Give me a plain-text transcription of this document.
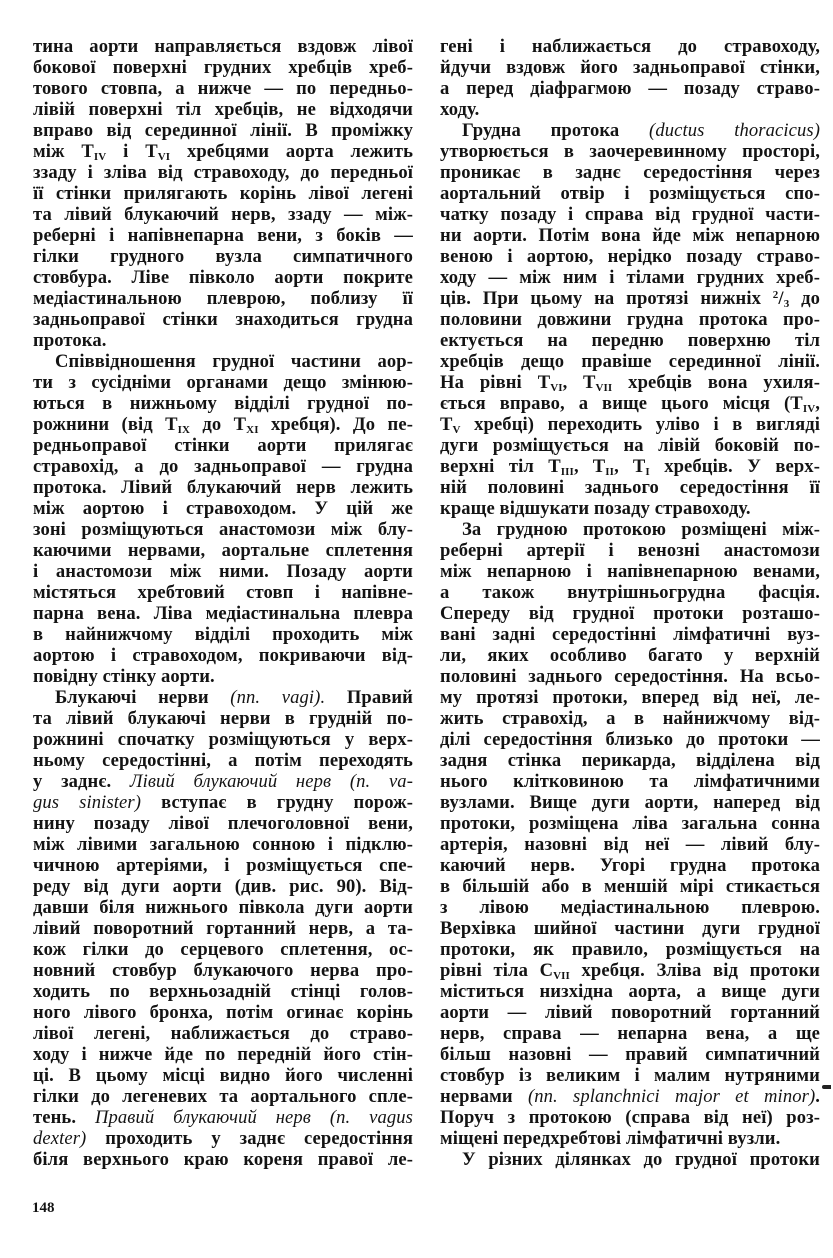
тина аорти направляється вздовж лівої
бокової поверхні грудних хребців хреб-
тового стовпа, а нижче — по передньо-
лівій поверхні тіл хребців, не відходячи
вправо від серединної лінії. В проміжку
між $T_{IV}$ і $T_{VI}$ хребцями аорта лежить
ззаду і зліва від стравоходу, до передньої
її стінки прилягають корінь лівої легені
та лівий блукаючий нерв, ззаду — між-
реберні і напівнепарна вени, з боків —
гілки грудного вузла симпатичного
стовбура. Ліве півколо аорти покрите
медіастинальною плеврою, поблизу її
задньоправої стінки знаходиться грудна
протока.
Співвідношення грудної частини аор-
ти з сусідніми органами дещо змінюю-
ються в нижньому відділі грудної по-
рожнини (від $T_{IX}$ до $T_{XI}$ хребця). До пе-
редньоправої стінки аорти прилягає
стравохід, а до задньоправої — грудна
протока. Лівий блукаючий нерв лежить
між аортою і стравоходом. У цій же
зоні розміщуються анастомози між блу-
каючими нервами, аортальне сплетення
і анастомози між ними. Позаду аорти
містяться хребтовий стовп і напівне-
парна вена. Ліва медіастинальна плевра
в найнижчому відділі проходить між
аортою і стравоходом, покриваючи від-
повідну стінку аорти.
Блукаючі нерви (nn. vagi). Правий
та лівий блукаючі нерви в грудній по-
рожнині спочатку розміщуються у верх-
ньому середостінні, а потім переходять
у заднє. Лівий блукаючий нерв (n. va-
gus sinister) вступає в грудну порож-
нину позаду лівої плечоголовної вени,
між лівими загальною сонною і підклю-
чичною артеріями, і розміщується спе-
реду від дуги аорти (див. рис. 90). Від-
давши біля нижнього півкола дуги аорти
лівий поворотний гортанний нерв, а та-
кож гілки до серцевого сплетення, ос-
новний стовбур блукаючого нерва про-
ходить по верхньозадній стінці голов-
ного лівого бронха, потім огинає корінь
лівої легені, наближається до страво-
ходу і нижче йде по передній його стін-
ці. В цьому місці видно його численні
гілки до легеневих та аортального спле-
тень. Правий блукаючий нерв (n. vagus
dexter) проходить у заднє середостіння
біля верхнього краю кореня правої ле-
гені і наближається до стравоходу,
йдучи вздовж його задньоправої стінки,
а перед діафрагмою — позаду страво-
ходу.
Грудна протока (ductus thoracicus)
утворюється в заочеревинному просторі,
проникає в заднє середостіння через
аортальний отвір і розміщується спо-
чатку позаду і справа від грудної части-
ни аорти. Потім вона йде між непарною
веною і аортою, нерідко позаду страво-
ходу — між ним і тілами грудних хреб-
ців. При цьому на протязі нижніх $^2/_3$ до
половини довжини грудна протока про-
ектується на передню поверхню тіл
хребців дещо правіше серединної лінії.
На рівні $T_{VI}$, $T_{VII}$ хребців вона ухиля-
ється вправо, а вище цього місця ($T_{IV}$,
$T_V$ хребці) переходить уліво і в вигляді
дуги розміщується на лівій боковій по-
верхні тіл $T_{III}$, $T_{II}$, $T_I$ хребців. У верх-
ній половині заднього середостіння її
краще відшукати позаду стравоходу.
За грудною протокою розміщені між-
реберні артерії і венозні анастомози
між непарною і напівнепарною венами,
а також внутрішньогрудна фасція.
Спереду від грудної протоки розташо-
вані задні середостінні лімфатичні вуз-
ли, яких особливо багато у верхній
половині заднього середостіння. На всьо-
му протязі протоки, вперед від неї, ле-
жить стравохід, а в найнижчому від-
ділі середостіння близько до протоки —
задня стінка перикарда, відділена від
нього клітковиною та лімфатичними
вузлами. Вище дуги аорти, наперед від
протоки, розміщена ліва загальна сонна
артерія, назовні від неї — лівий блу-
каючий нерв. Угорі грудна протока
в більшій або в меншій мірі стикається
з лівою медіастинальною плеврою.
Верхівка шийної частини дуги грудної
протоки, як правило, розміщується на
рівні тіла $C_{VII}$ хребця. Зліва від протоки
міститься низхідна аорта, а вище дуги
аорти — лівий поворотний гортанний
нерв, справа — непарна вена, а ще
більш назовні — правий симпатичний
стовбур із великим і малим нутряними
нервами (nn. splanchnici major et minor).
Поруч з протокою (справа від неї) роз-
міщені передхребтові лімфатичні вузли.
У різних ділянках до грудної протоки
148
